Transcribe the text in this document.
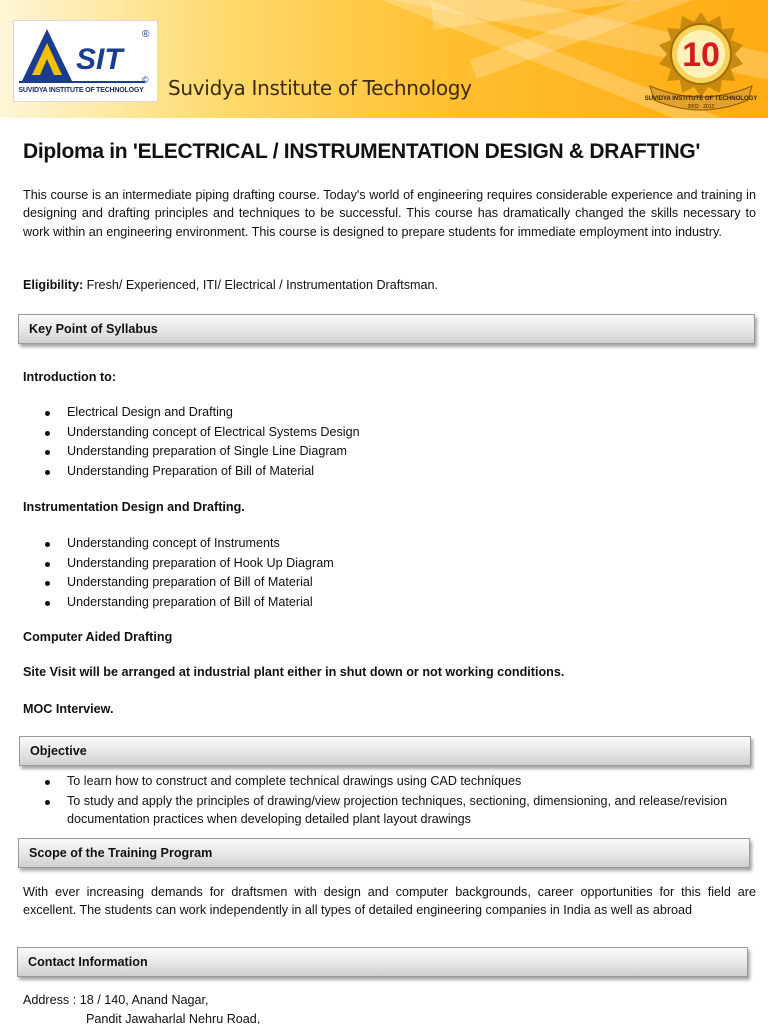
SIT
®
©
SUVIDYA INSTITUTE OF TECHNOLOGY Suvidya Institute of Technology
10
SUVIDYA INSTITUTE OF TECHNOLOGY
2002 - 2012
Diploma in 'ELECTRICAL / INSTRUMENTATION DESIGN & DRAFTING'
This course is an intermediate piping drafting course. Today's world of engineering requires considerable experience and training in designing and drafting principles and techniques to be successful. This course has dramatically changed the skills necessary to work within an engineering environment. This course is designed to prepare students for immediate employment into industry.
Eligibility: Fresh/ Experienced, ITI/ Electrical / Instrumentation Draftsman.
Key Point of Syllabus
Introduction to:
Electrical Design and Drafting
Understanding concept of Electrical Systems Design
Understanding preparation of Single Line Diagram
Understanding Preparation of Bill of Material
Instrumentation Design and Drafting.
Understanding concept of Instruments
Understanding preparation of Hook Up Diagram
Understanding preparation of Bill of Material
Understanding preparation of Bill of Material
Computer Aided Drafting
Site Visit will be arranged at industrial plant either in shut down or not working conditions.
MOC Interview.
Objective
To learn how to construct and complete technical drawings using CAD techniques
To study and apply the principles of drawing/view projection techniques, sectioning, dimensioning, and release/revision documentation practices when developing detailed plant layout drawings
Scope of the Training Program
With ever increasing demands for draftsmen with design and computer backgrounds, career opportunities for this field are excellent. The students can work independently in all types of detailed engineering companies in India as well as abroad
Contact Information
Address : 18 / 140, Anand Nagar,
Pandit Jawaharlal Nehru Road,
